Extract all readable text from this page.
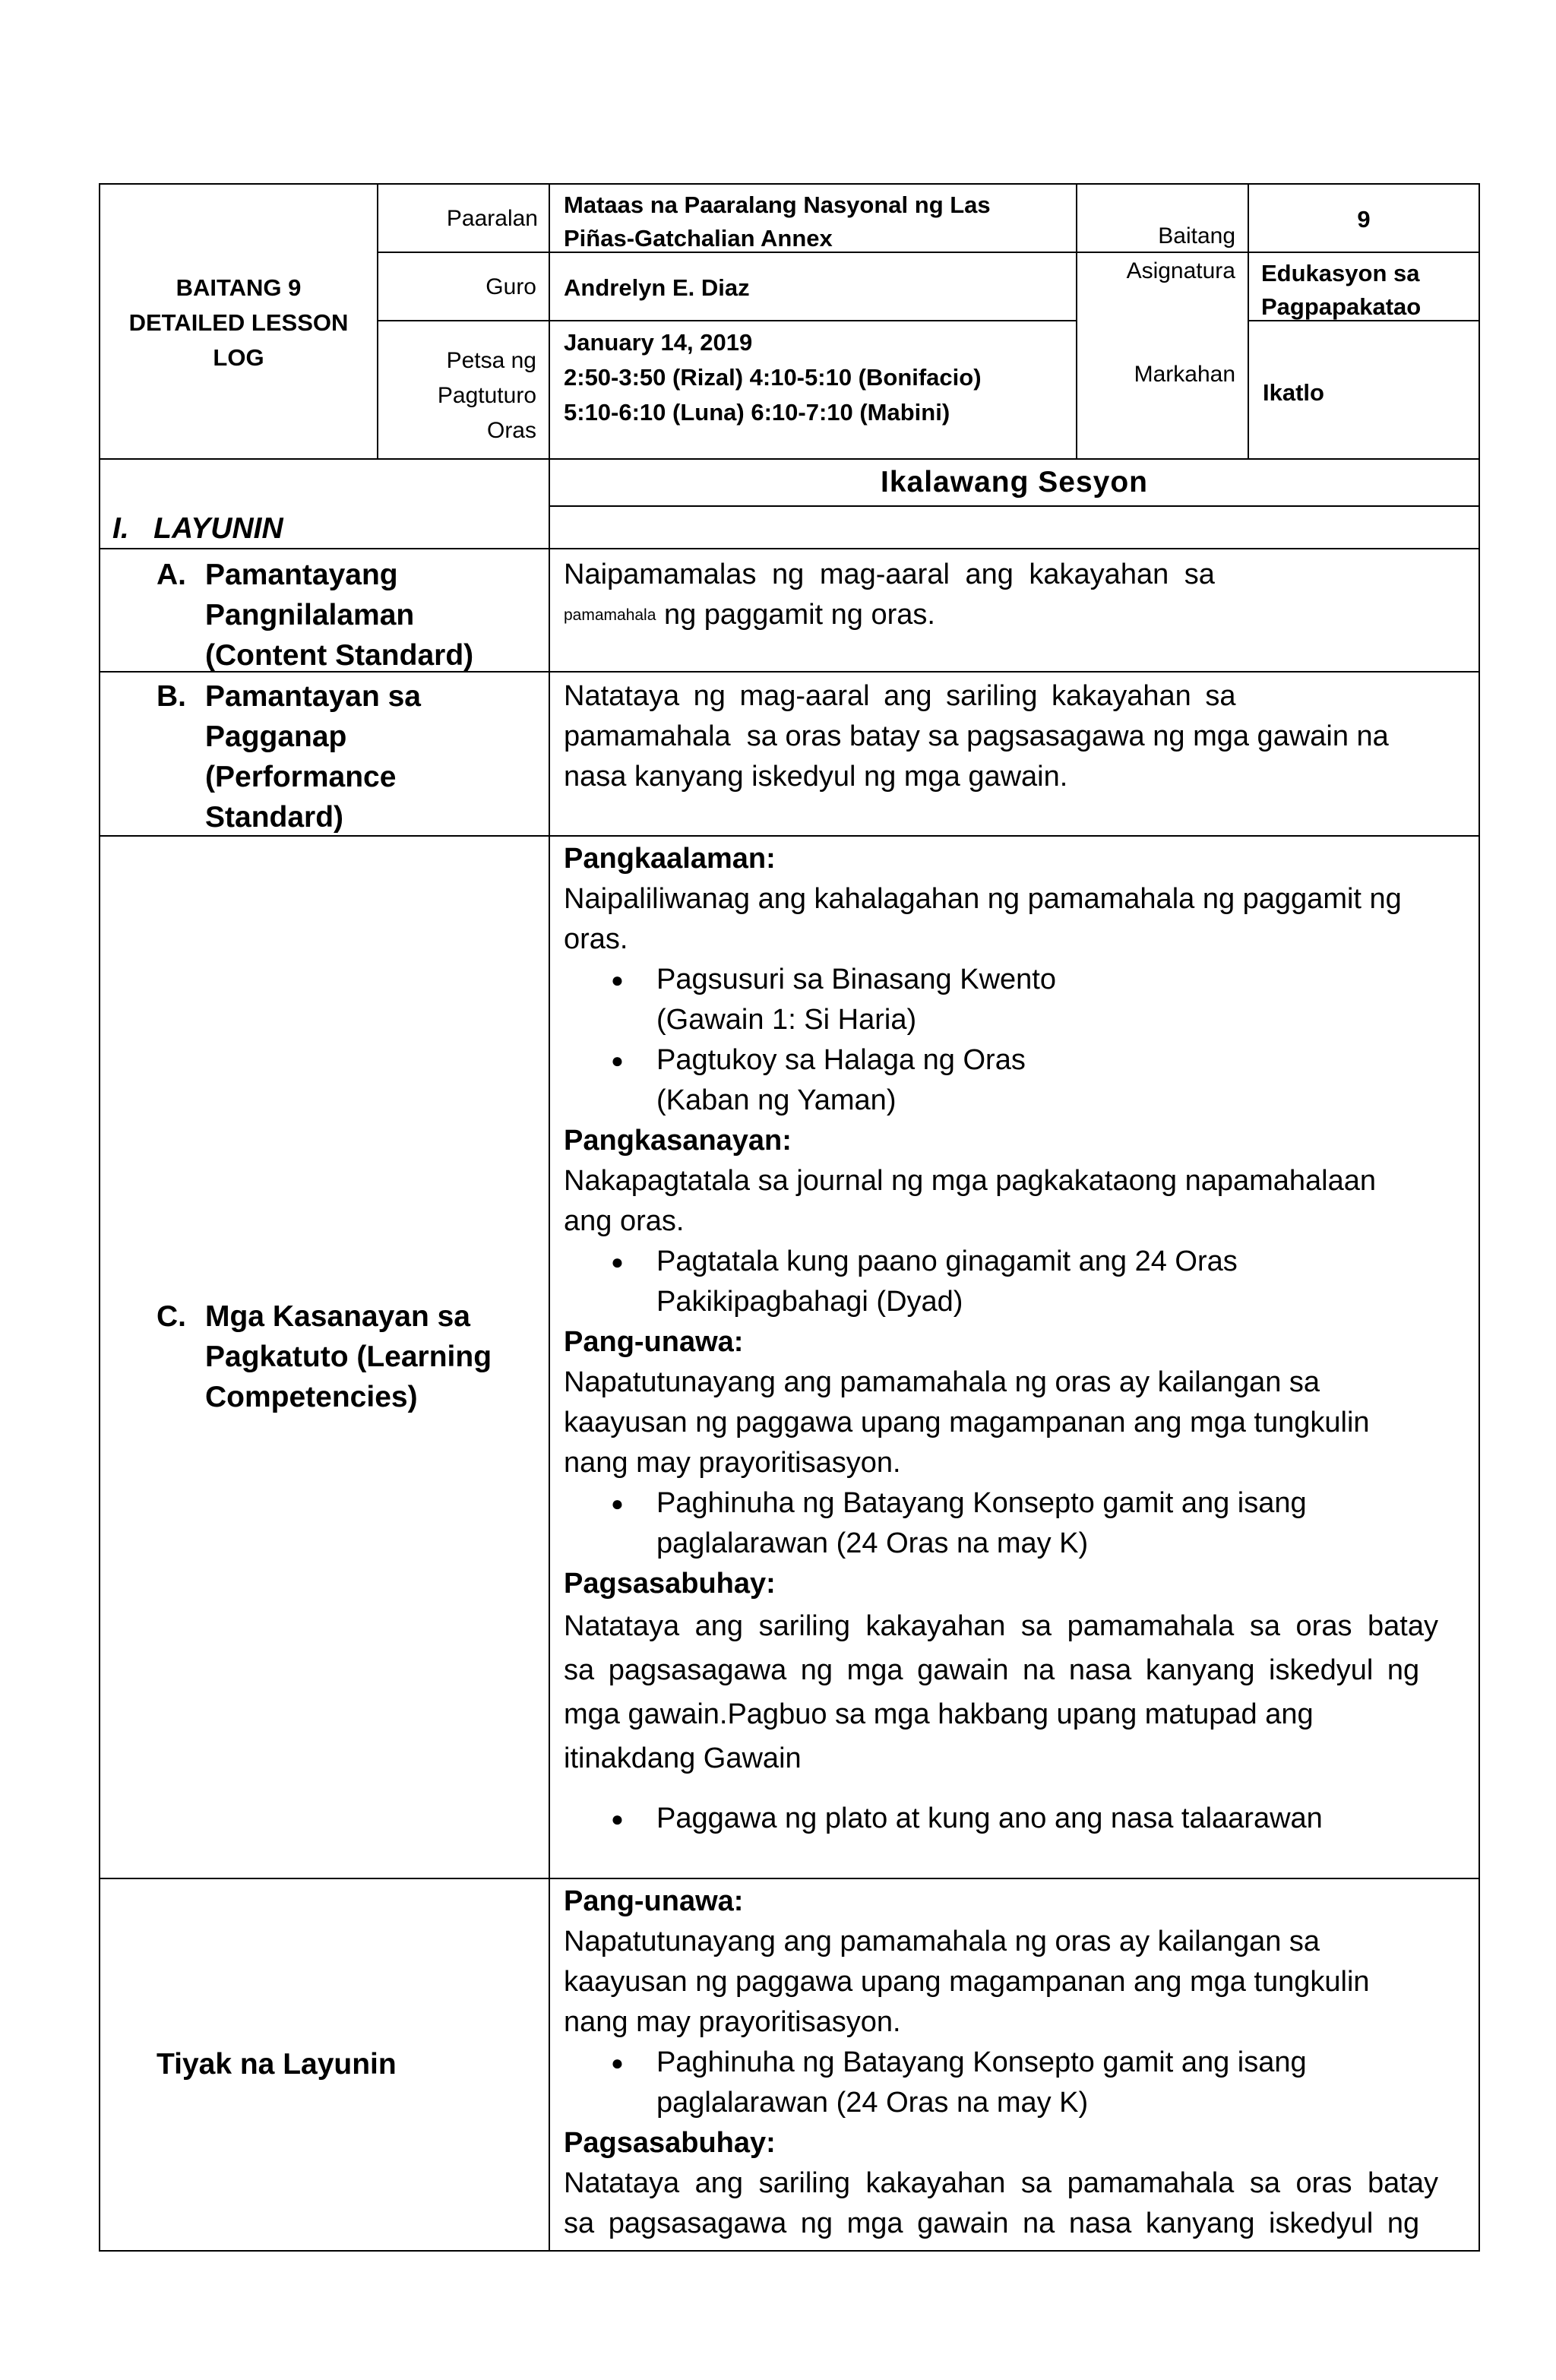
BAITANG 9
DETAILED LESSON
LOG
Paaralan
Mataas na Paaralang Nasyonal ng Las
Piñas-Gatchalian Annex	Baitang
9
Guro Andrelyn E. Diaz
Asignatura Edukasyon sa
Pagpapakatao
Petsa ng
Pagtuturo
Oras
January 14, 2019
2:50-3:50 (Rizal) 4:10-5:10 (Bonifacio)
5:10-6:10 (Luna) 6:10-7:10 (Mabini)
Markahan
Ikatlo
Ikalawang Sesyon
I.   LAYUNIN
A. Pamantayang
Pangnilalaman
(Content Standard)
Naipamamalas ng mag-aaral ang kakayahan sa
$^{pamamahala}$ ng paggamit ng oras.
B. Pamantayan sa
Pagganap
(Performance
Standard)
Natataya ng mag-aaral ang sariling kakayahan sa
pamamahala  sa oras batay sa pagsasagawa ng mga gawain na
nasa kanyang iskedyul ng mga gawain.
C. Mga Kasanayan sa
Pagkatuto (Learning
Competencies)
Pangkaalaman:
Naipaliliwanag ang kahalagahan ng pamamahala ng paggamit ng
oras.
● Pagsusuri sa Binasang Kwento
(Gawain 1: Si Haria)
● Pagtukoy sa Halaga ng Oras
(Kaban ng Yaman)
Pangkasanayan:
Nakapagtatala sa journal ng mga pagkakataong napamahalaan
ang oras.
● Pagtatala kung paano ginagamit ang 24 Oras
Pakikipagbahagi (Dyad)
Pang-unawa:
Napatutunayang ang pamamahala ng oras ay kailangan sa
kaayusan ng paggawa upang magampanan ang mga tungkulin
nang may prayoritisasyon.
● Paghinuha ng Batayang Konsepto gamit ang isang
paglalarawan (24 Oras na may K)
Pagsasabuhay:
Natataya ang sariling kakayahan sa pamamahala sa oras batay
sa pagsasagawa ng mga gawain na nasa kanyang iskedyul ng
mga gawain.Pagbuo sa mga hakbang upang matupad ang
itinakdang Gawain
● Paggawa ng plato at kung ano ang nasa talaarawan
Tiyak na Layunin
Pang-unawa:
Napatutunayang ang pamamahala ng oras ay kailangan sa
kaayusan ng paggawa upang magampanan ang mga tungkulin
nang may prayoritisasyon.
● Paghinuha ng Batayang Konsepto gamit ang isang
paglalarawan (24 Oras na may K)
Pagsasabuhay:
Natataya ang sariling kakayahan sa pamamahala sa oras batay
sa pagsasagawa ng mga gawain na nasa kanyang iskedyul ng
